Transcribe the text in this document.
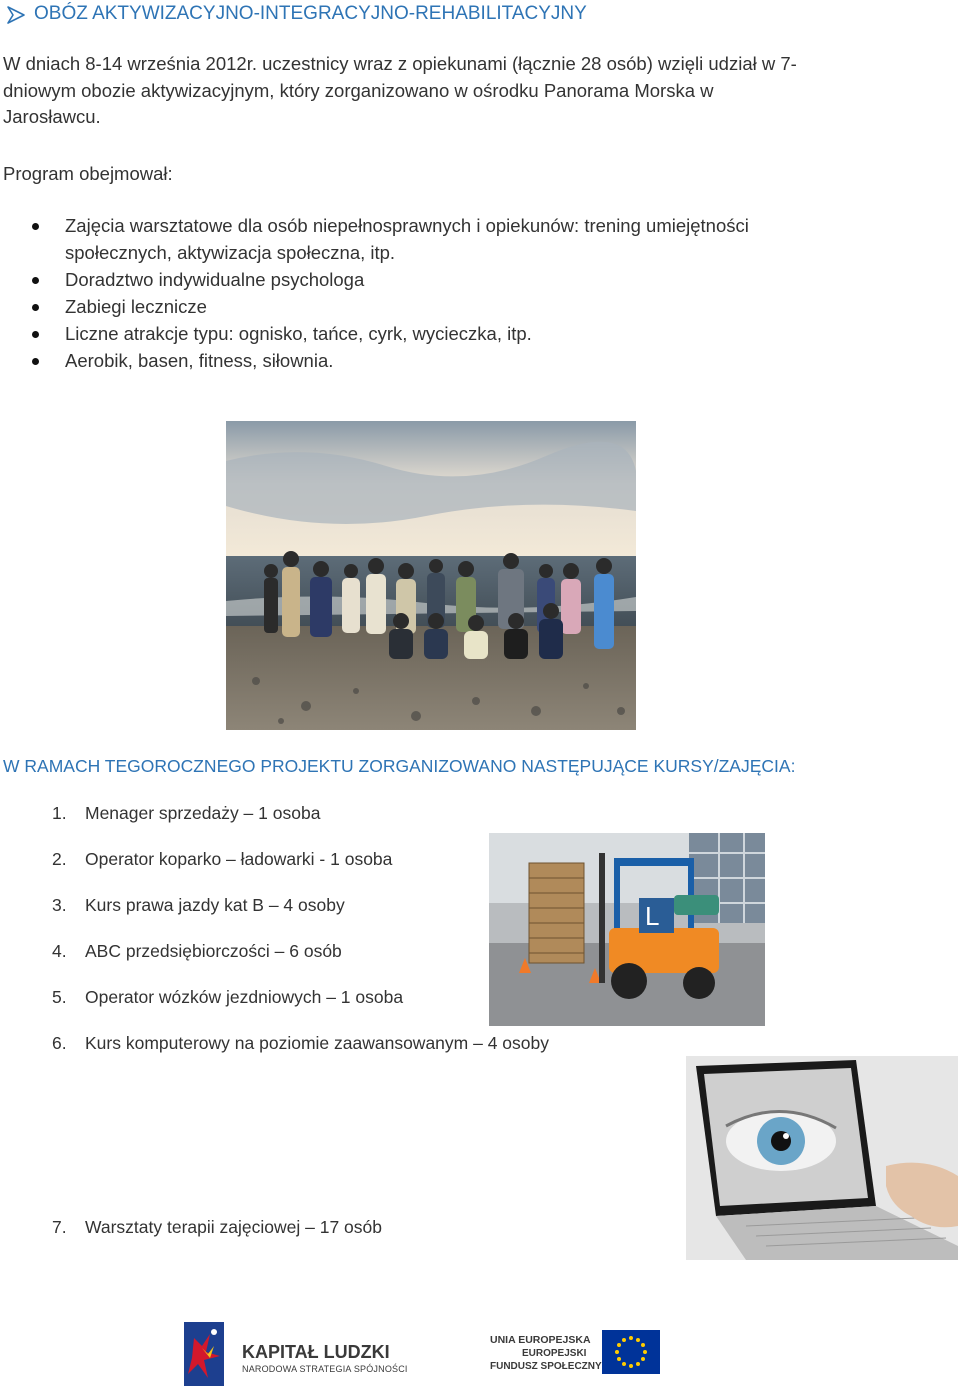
OBÓZ AKTYWIZACYJNO-INTEGRACYJNO-REHABILITACYJNY
W dniach 8-14 września 2012r. uczestnicy wraz z opiekunami (łącznie 28 osób) wzięli udział w 7-
dniowym obozie aktywizacyjnym, który zorganizowano w ośrodku Panorama Morska w
Jarosławcu.
Program obejmował:
Zajęcia warsztatowe dla osób niepełnosprawnych i opiekunów: trening umiejętności
społecznych, aktywizacja społeczna, itp.
Doradztwo indywidualne psychologa
Zabiegi lecznicze
Liczne atrakcje typu: ognisko, tańce, cyrk, wycieczka, itp.
Aerobik, basen, fitness, siłownia.
W RAMACH TEGOROCZNEGO PROJEKTU ZORGANIZOWANO NASTĘPUJĄCE KURSY/ZAJĘCIA:
1. Menager sprzedaży – 1 osoba
2. Operator koparko – ładowarki - 1 osoba
3. Kurs prawa jazdy kat B – 4 osoby
4. ABC przedsiębiorczości – 6 osób
5. Operator wózków jezdniowych – 1 osoba
6. Kurs komputerowy na poziomie zaawansowanym – 4 osoby
7. Warsztaty terapii zajęciowej – 17 osób
L
KAPITAŁ LUDZKI
NARODOWA STRATEGIA SPÓJNOŚCI
UNIA EUROPEJSKA
EUROPEJSKI
FUNDUSZ SPOŁECZNY
